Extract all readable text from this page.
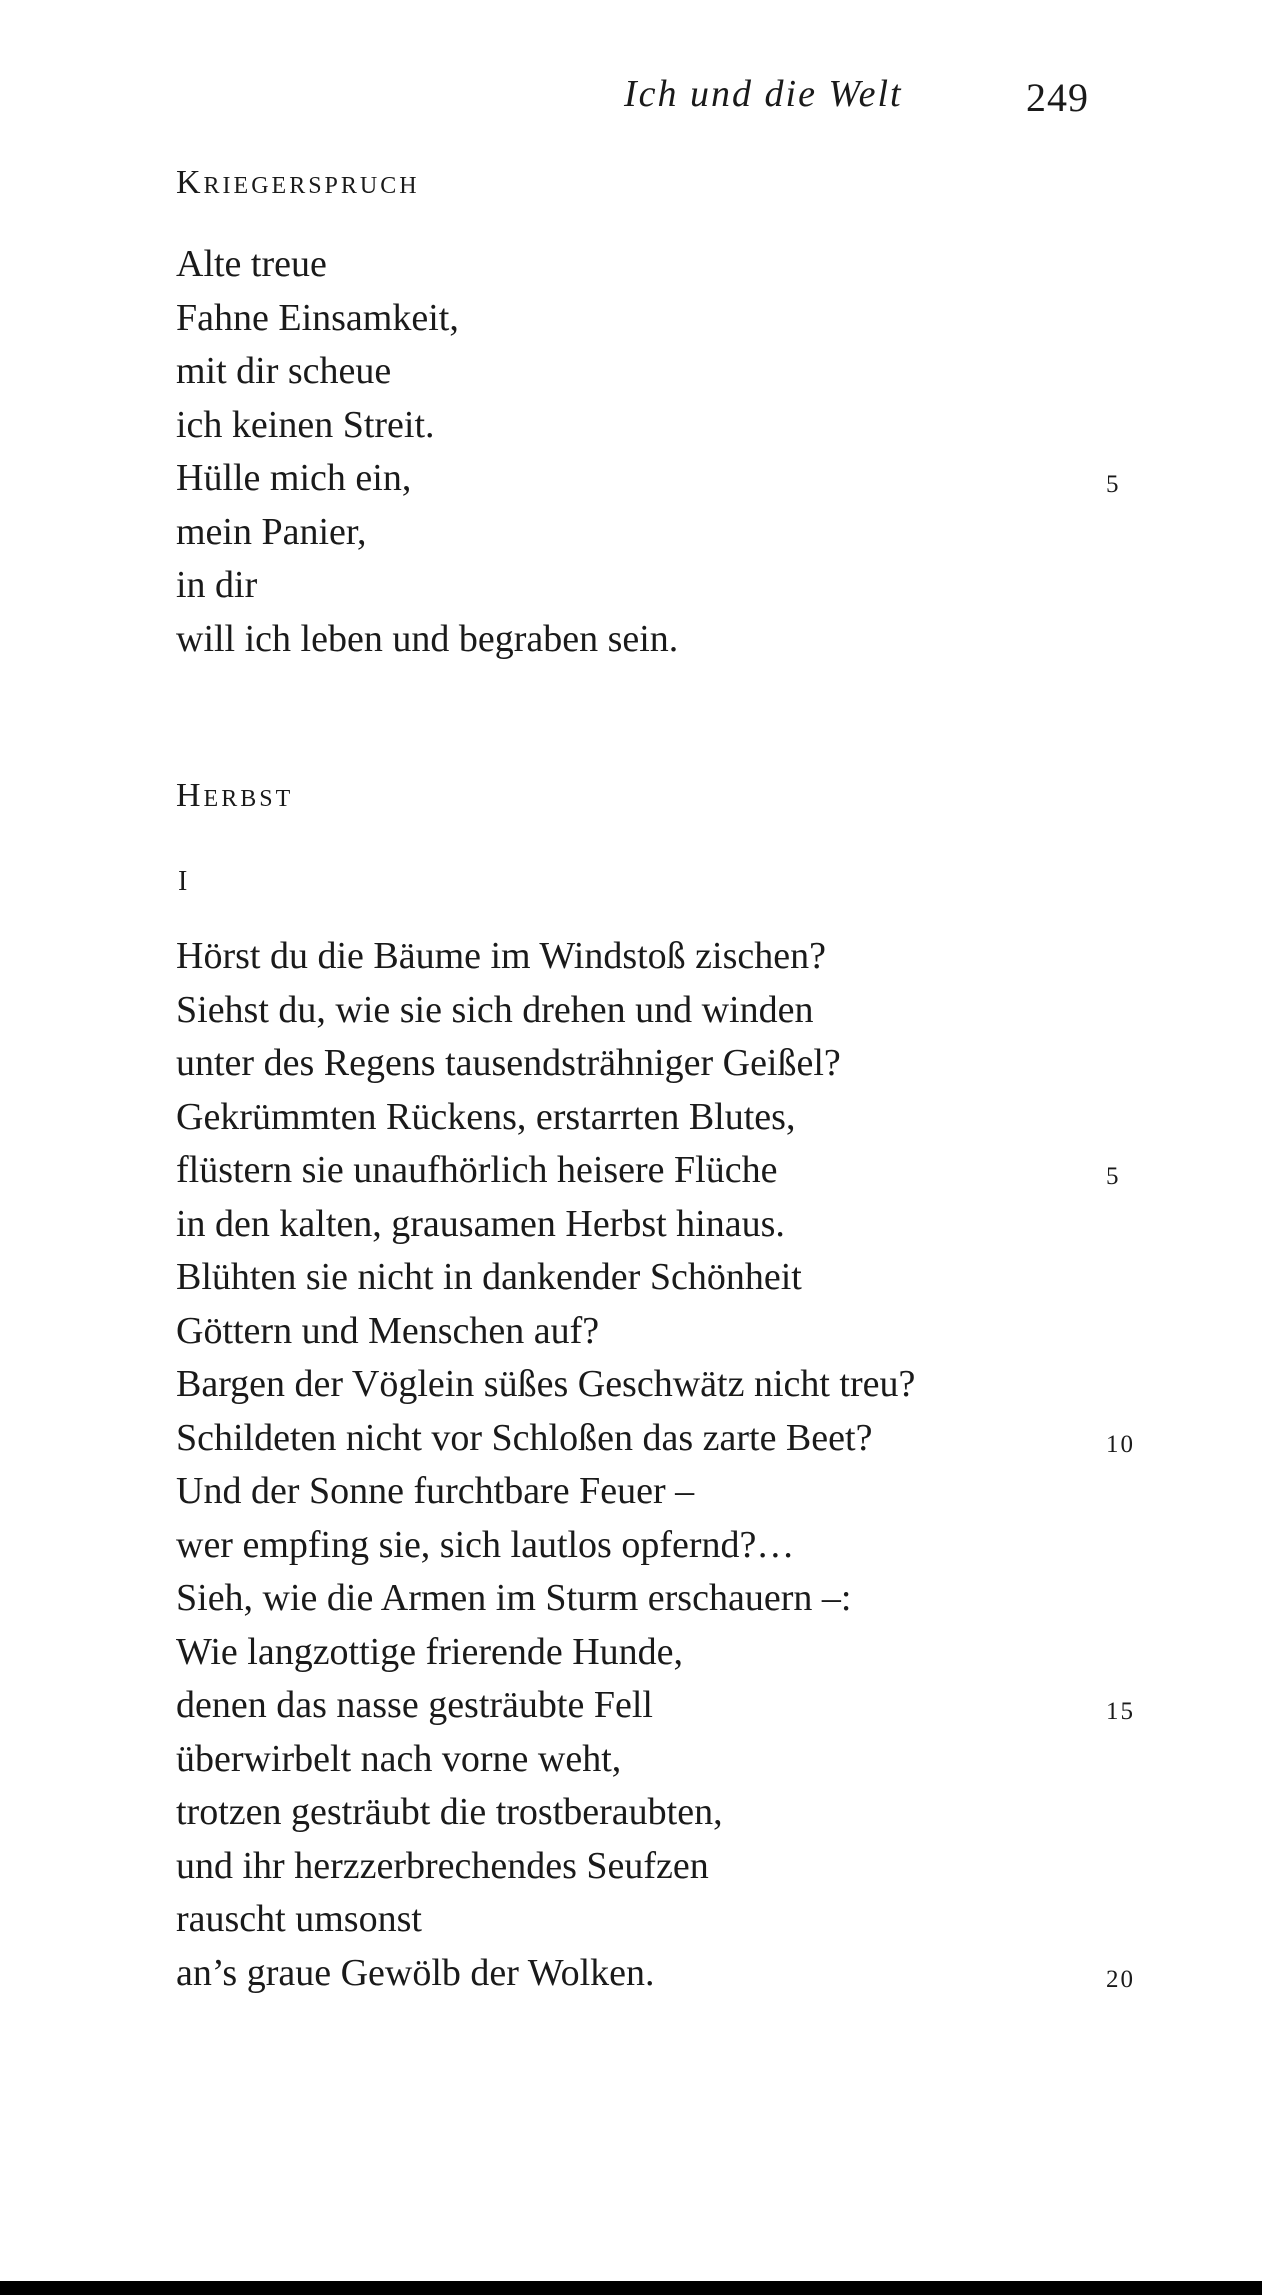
Ich und die Welt	249
Kriegerspruch
Alte treue
Fahne Einsamkeit,
mit dir scheue
ich keinen Streit.
Hülle mich ein,	5
mein Panier,
in dir
will ich leben und begraben sein.
Herbst
I
Hörst du die Bäume im Windstoß zischen?
Siehst du, wie sie sich drehen und winden
unter des Regens tausendsträhniger Geißel?
Gekrümmten Rückens, erstarrten Blutes,
flüstern sie unaufhörlich heisere Flüche	5
in den kalten, grausamen Herbst hinaus.
Blühten sie nicht in dankender Schönheit
Göttern und Menschen auf?
Bargen der Vöglein süßes Geschwätz nicht treu?
Schildeten nicht vor Schloßen das zarte Beet?	10
Und der Sonne furchtbare Feuer –
wer empfing sie, sich lautlos opfernd?…
Sieh, wie die Armen im Sturm erschauern –:
Wie langzottige frierende Hunde,
denen das nasse gesträubte Fell	15
überwirbelt nach vorne weht,
trotzen gesträubt die trostberaubten,
und ihr herzzerbrechendes Seufzen
rauscht umsonst
an’s graue Gewölb der Wolken.	20
